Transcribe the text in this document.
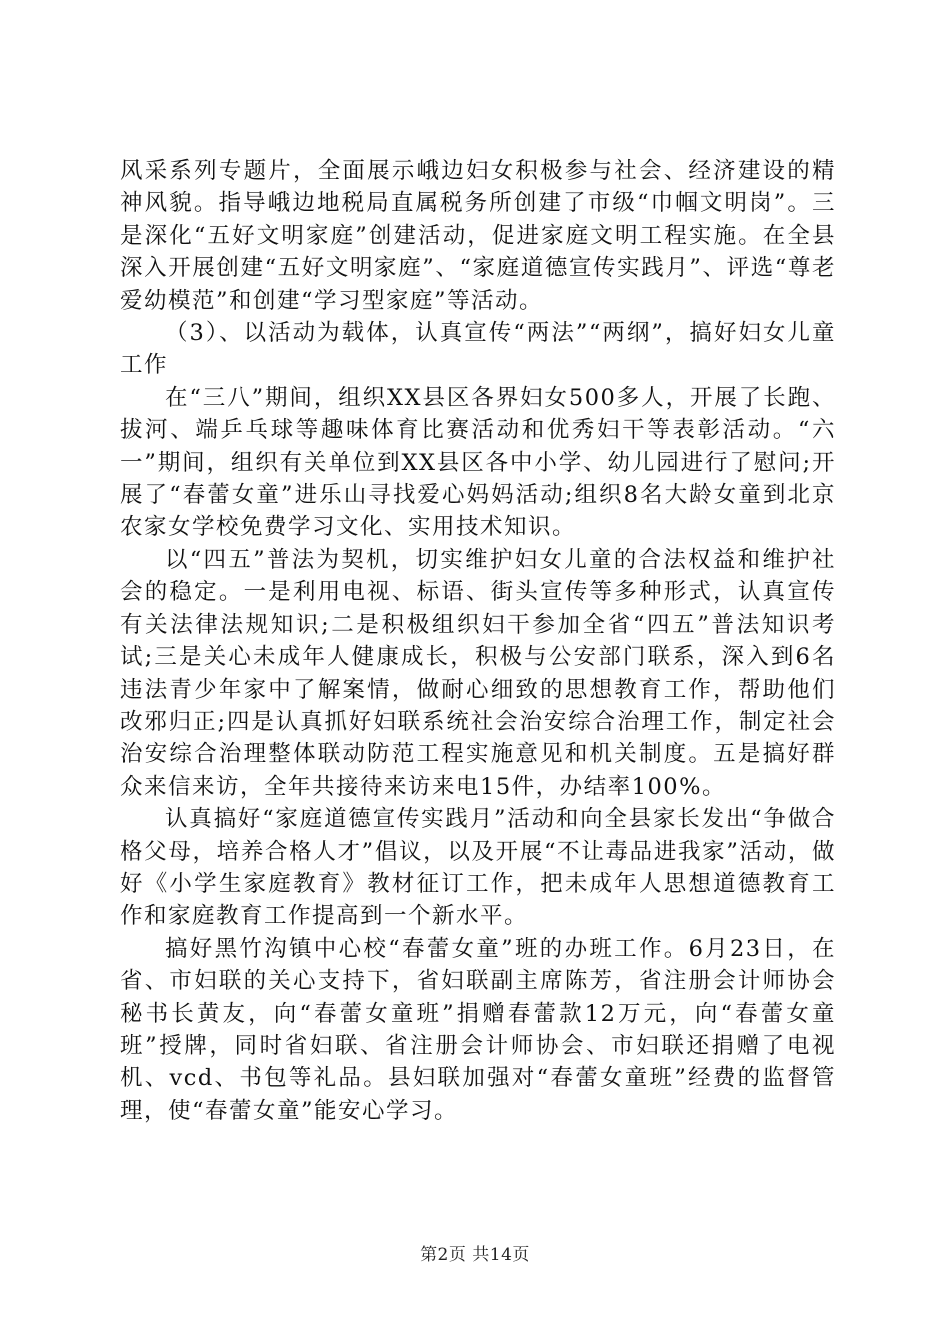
风采系列专题片，全面展示峨边妇女积极参与社会、经济建设的精神风貌。指导峨边地税局直属税务所创建了市级“巾帼文明岗”。三是深化“五好文明家庭”创建活动，促进家庭文明工程实施。在全县深入开展创建“五好文明家庭”、“家庭道德宣传实践月”、评选“尊老爱幼模范”和创建“学习型家庭”等活动。

（3）、以活动为载体，认真宣传“两法”“两纲”，搞好妇女儿童工作

在“三八”期间，组织XX县区各界妇女500多人，开展了长跑、拔河、端乒乓球等趣味体育比赛活动和优秀妇干等表彰活动。“六一”期间，组织有关单位到XX县区各中小学、幼儿园进行了慰问;开展了“春蕾女童”进乐山寻找爱心妈妈活动;组织8名大龄女童到北京农家女学校免费学习文化、实用技术知识。

以“四五”普法为契机，切实维护妇女儿童的合法权益和维护社会的稳定。一是利用电视、标语、街头宣传等多种形式，认真宣传有关法律法规知识;二是积极组织妇干参加全省“四五”普法知识考试;三是关心未成年人健康成长，积极与公安部门联系，深入到6名违法青少年家中了解案情，做耐心细致的思想教育工作，帮助他们改邪归正;四是认真抓好妇联系统社会治安综合治理工作，制定社会治安综合治理整体联动防范工程实施意见和机关制度。五是搞好群众来信来访，全年共接待来访来电15件，办结率100%。

认真搞好“家庭道德宣传实践月”活动和向全县家长发出“争做合格父母，培养合格人才”倡议，以及开展“不让毒品进我家”活动，做好《小学生家庭教育》教材征订工作，把未成年人思想道德教育工作和家庭教育工作提高到一个新水平。

搞好黑竹沟镇中心校“春蕾女童”班的办班工作。6月23日，在省、市妇联的关心支持下，省妇联副主席陈芳，省注册会计师协会秘书长黄友，向“春蕾女童班”捐赠春蕾款12万元，向“春蕾女童班”授牌，同时省妇联、省注册会计师协会、市妇联还捐赠了电视机、vcd、书包等礼品。县妇联加强对“春蕾女童班”经费的监督管理，使“春蕾女童”能安心学习。

第2页 共14页
